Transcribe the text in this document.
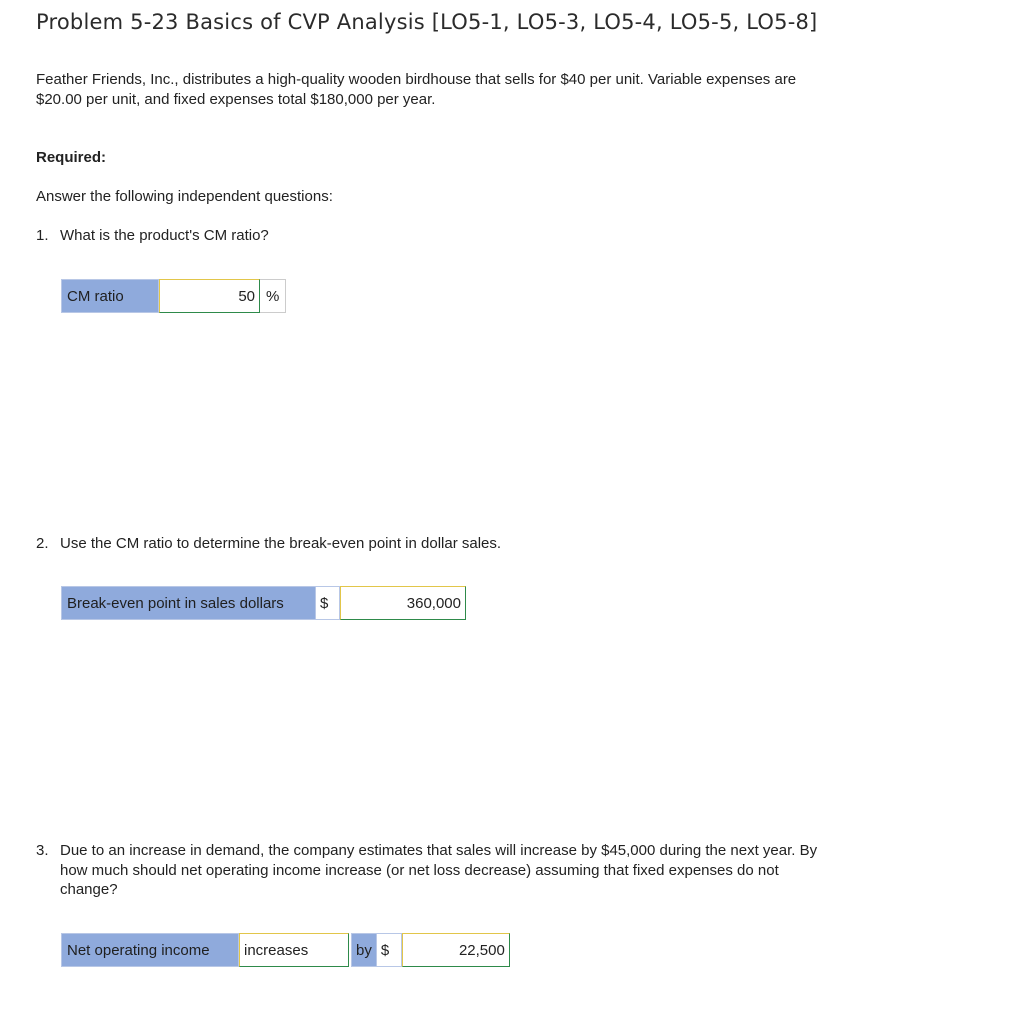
Problem 5-23 Basics of CVP Analysis [LO5-1, LO5-3, LO5-4, LO5-5, LO5-8]
Feather Friends, Inc., distributes a high-quality wooden birdhouse that sells for $40 per unit. Variable expenses are $20.00 per unit, and fixed expenses total $180,000 per year.
Required:
Answer the following independent questions:
1. What is the product's CM ratio?
CM ratio	50 %
2. Use the CM ratio to determine the break-even point in dollar sales.
Break-even point in sales dollars	$	360,000
3. Due to an increase in demand, the company estimates that sales will increase by $45,000 during the next year. By how much should net operating income increase (or net loss decrease) assuming that fixed expenses do not change?
Net operating income	increases	by $	22,500
